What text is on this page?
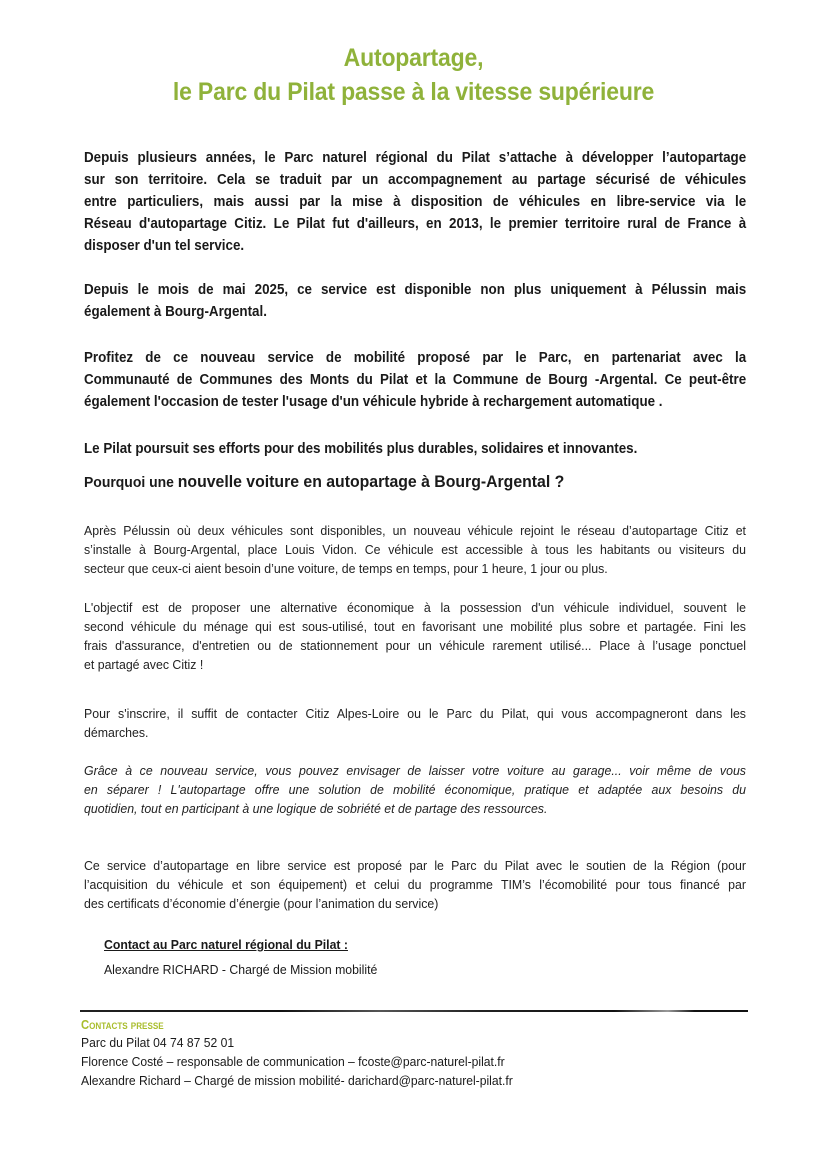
Autopartage,
le Parc du Pilat passe à la vitesse supérieure
Depuis plusieurs années, le Parc naturel régional du Pilat s’attache à développer l’autopartage
sur son territoire. Cela se traduit par un accompagnement au partage sécurisé de véhicules
entre particuliers, mais aussi par la mise à disposition de véhicules en libre-service via le
Réseau d'autopartage Citiz. Le Pilat fut d'ailleurs, en 2013, le premier territoire rural de France à
disposer d'un tel service.
Depuis le mois de mai 2025, ce service est disponible non plus uniquement à Pélussin mais
également à Bourg-Argental.
Profitez de ce nouveau service de mobilité proposé par le Parc, en partenariat avec la
Communauté de Communes des Monts du Pilat et la Commune de Bourg -Argental. Ce peut-être
également l'occasion de tester l'usage d'un véhicule hybride à rechargement automatique .
Le Pilat poursuit ses efforts pour des mobilités plus durables, solidaires et innovantes.
Pourquoi une nouvelle voiture en autopartage à Bourg-Argental ?
Après Pélussin où deux véhicules sont disponibles, un nouveau véhicule rejoint le réseau d’autopartage Citiz et
s’installe à Bourg-Argental, place Louis Vidon. Ce véhicule est accessible à tous les habitants ou visiteurs du
secteur que ceux-ci aient besoin d’une voiture, de temps en temps, pour 1 heure, 1 jour ou plus.
L'objectif est de proposer une alternative économique à la possession d'un véhicule individuel, souvent le
second véhicule du ménage qui est sous-utilisé, tout en favorisant une mobilité plus sobre et partagée. Fini les
frais d'assurance, d'entretien ou de stationnement pour un véhicule rarement utilisé... Place à l’usage ponctuel
et partagé avec Citiz !
Pour s'inscrire, il suffit de contacter Citiz Alpes-Loire ou le Parc du Pilat, qui vous accompagneront dans les
démarches.
Grâce à ce nouveau service, vous pouvez envisager de laisser votre voiture au garage... voir même de vous
en séparer ! L'autopartage offre une solution de mobilité économique, pratique et adaptée aux besoins du
quotidien, tout en participant à une logique de sobriété et de partage des ressources.
Ce service d’autopartage en libre service est proposé par le Parc du Pilat avec le soutien de la Région (pour
l’acquisition du véhicule et son équipement) et celui du programme TIM’s l’écomobilité pour tous financé par
des certificats d’économie d’énergie (pour l’animation du service)
Contact au Parc naturel régional du Pilat :
Alexandre RICHARD - Chargé de Mission mobilité
Contacts presse
Parc du Pilat 04 74 87 52 01
Florence Costé – responsable de communication – fcoste@parc-naturel-pilat.fr
Alexandre Richard – Chargé de mission mobilité- darichard@parc-naturel-pilat.fr
